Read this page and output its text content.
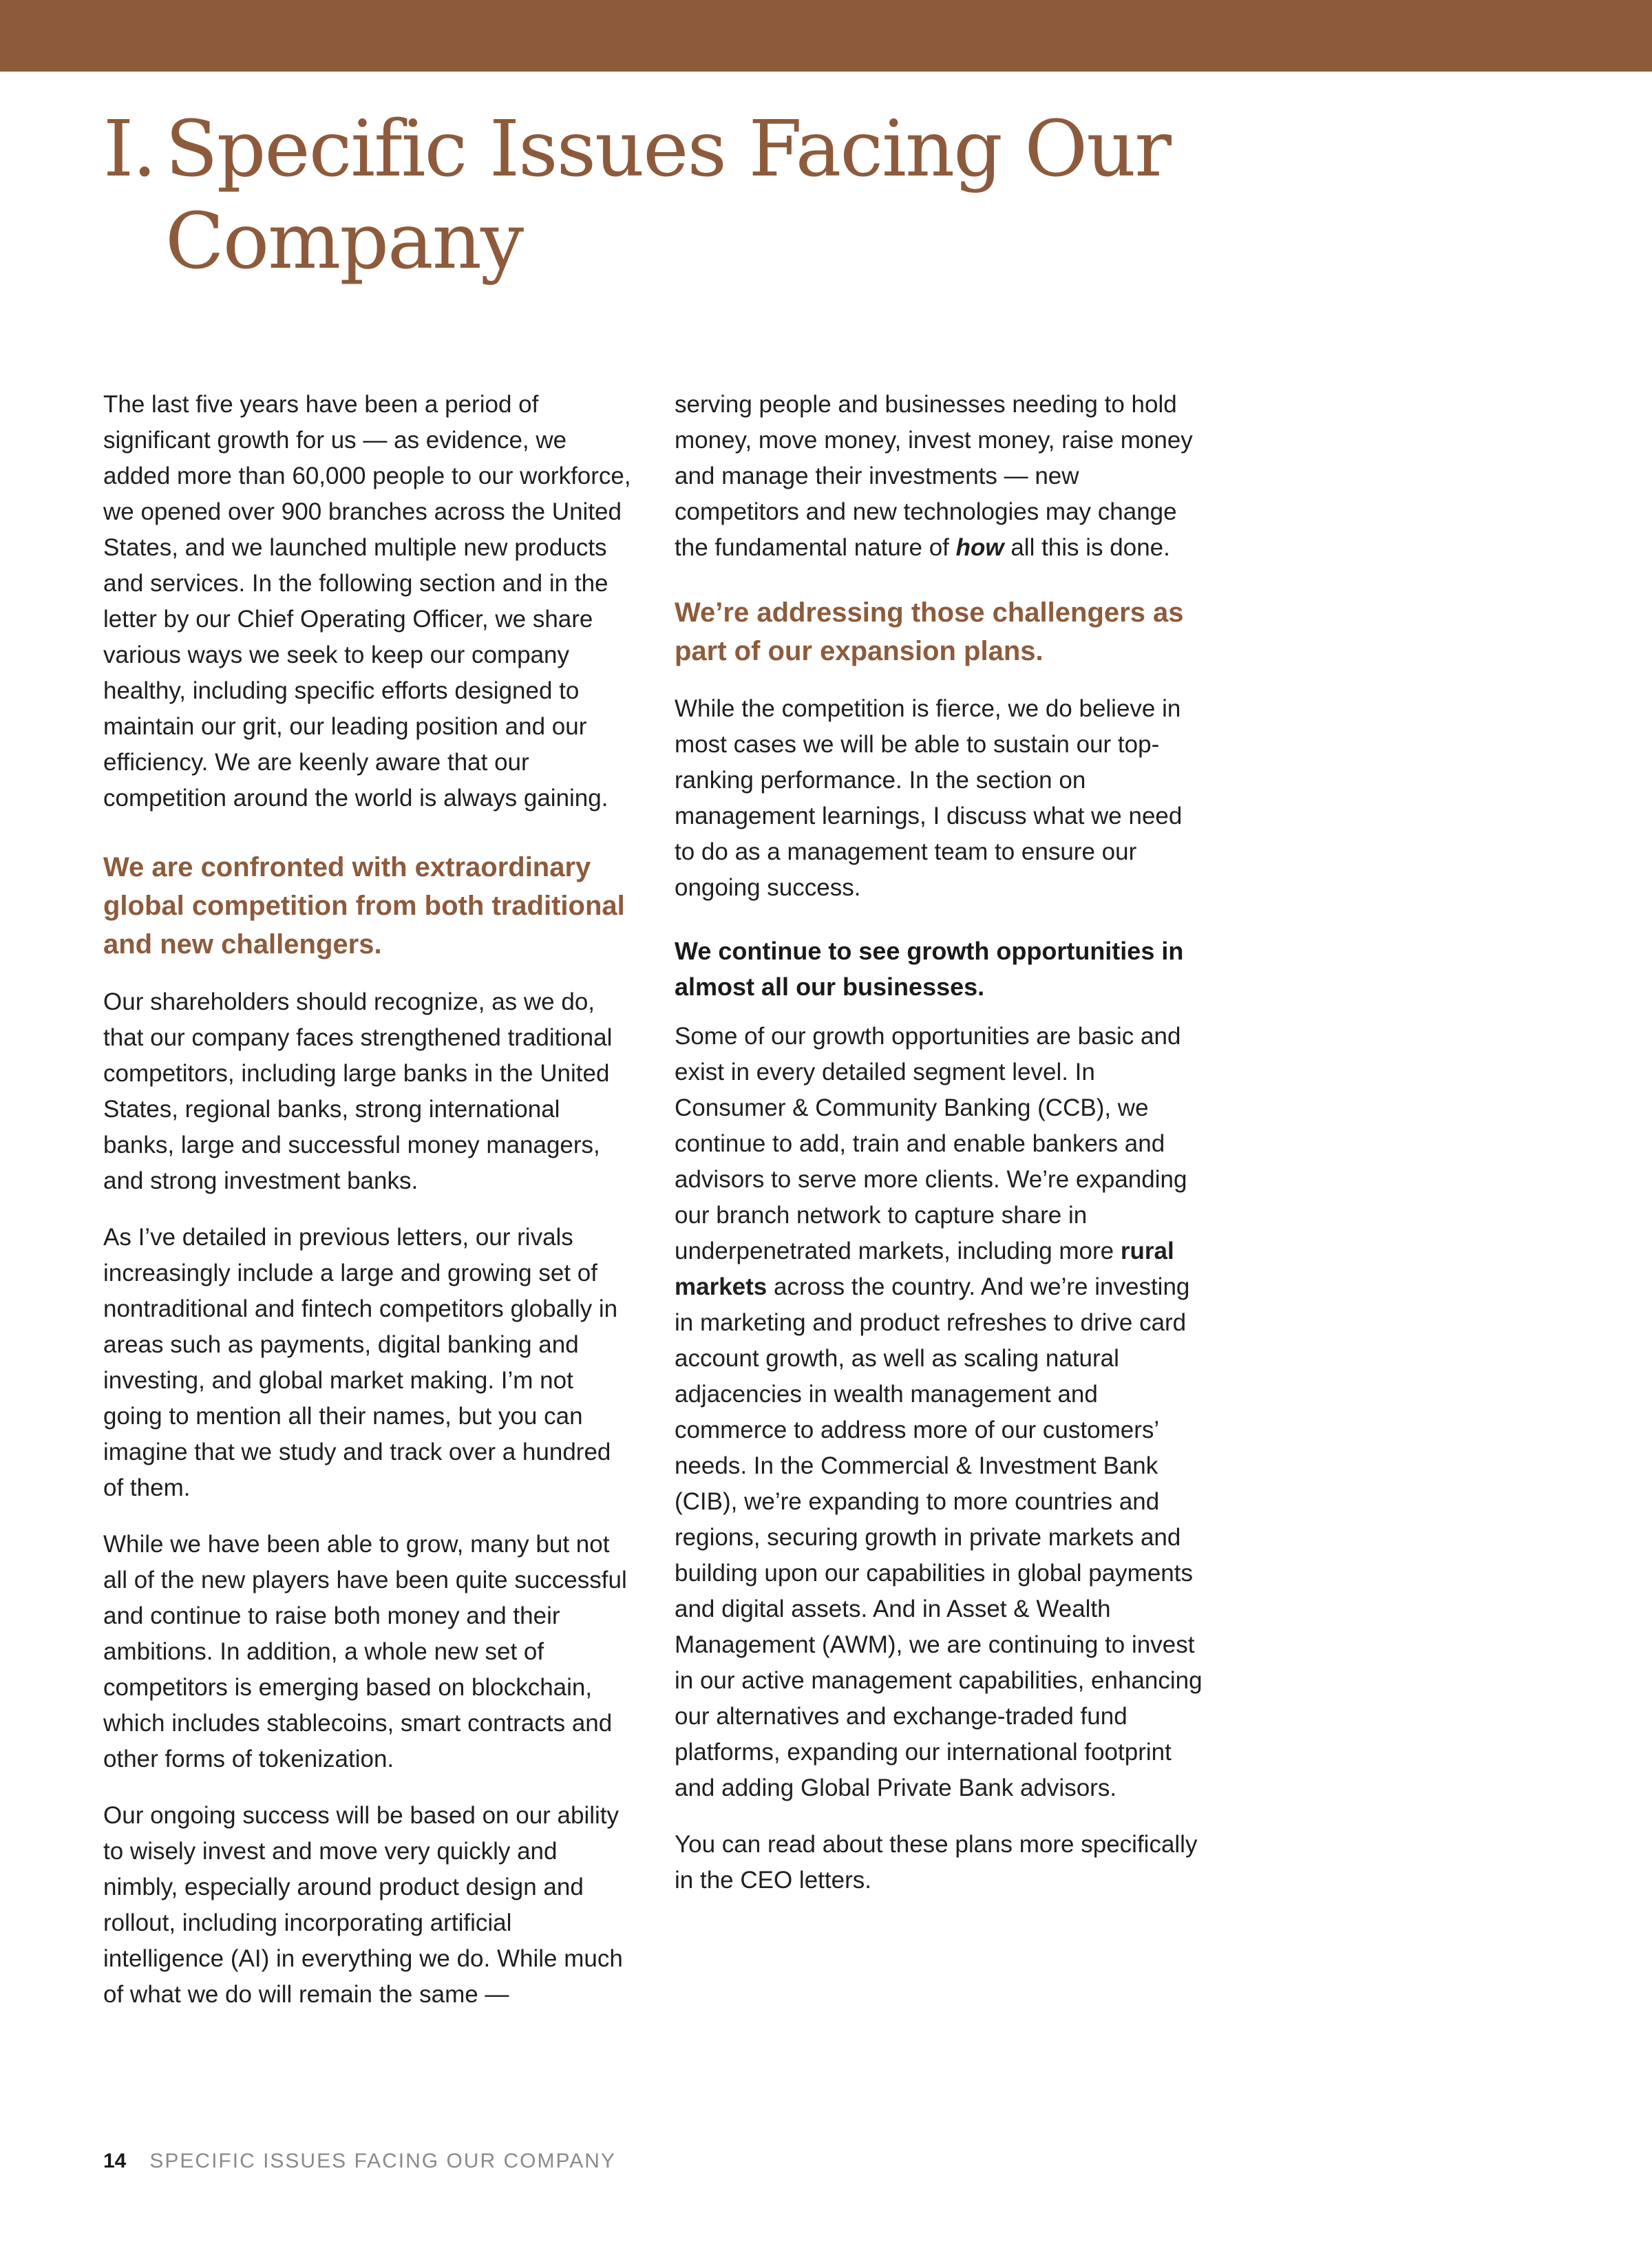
I. Specific Issues Facing Our
Company

The last five years have been a period of significant growth for us — as evidence, we added more than 60,000 people to our workforce, we opened over 900 branches across the United States, and we launched multiple new products and services. In the following section and in the letter by our Chief Operating Officer, we share various ways we seek to keep our company healthy, including specific efforts designed to maintain our grit, our leading position and our efficiency. We are keenly aware that our competition around the world is always gaining.

We are confronted with extraordinary global competition from both traditional and new challengers.

Our shareholders should recognize, as we do, that our company faces strengthened traditional competitors, including large banks in the United States, regional banks, strong international banks, large and successful money managers, and strong investment banks.

As I’ve detailed in previous letters, our rivals increasingly include a large and growing set of nontraditional and fintech competitors globally in areas such as payments, digital banking and investing, and global market making. I’m not going to mention all their names, but you can imagine that we study and track over a hundred of them.

While we have been able to grow, many but not all of the new players have been quite successful and continue to raise both money and their ambitions. In addition, a whole new set of competitors is emerging based on blockchain, which includes stablecoins, smart contracts and other forms of tokenization.

Our ongoing success will be based on our ability to wisely invest and move very quickly and nimbly, especially around product design and rollout, including incorporating artificial intelligence (AI) in everything we do. While much of what we do will remain the same —

serving people and businesses needing to hold money, move money, invest money, raise money and manage their investments — new competitors and new technologies may change the fundamental nature of how all this is done.

We’re addressing those challengers as part of our expansion plans.

While the competition is fierce, we do believe in most cases we will be able to sustain our top-ranking performance. In the section on management learnings, I discuss what we need to do as a management team to ensure our ongoing success.

We continue to see growth opportunities in almost all our businesses.

Some of our growth opportunities are basic and exist in every detailed segment level. In Consumer & Community Banking (CCB), we continue to add, train and enable bankers and advisors to serve more clients. We’re expanding our branch network to capture share in underpenetrated markets, including more rural markets across the country. And we’re investing in marketing and product refreshes to drive card account growth, as well as scaling natural adjacencies in wealth management and commerce to address more of our customers’ needs. In the Commercial & Investment Bank (CIB), we’re expanding to more countries and regions, securing growth in private markets and building upon our capabilities in global payments and digital assets. And in Asset & Wealth Management (AWM), we are continuing to invest in our active management capabilities, enhancing our alternatives and exchange-traded fund platforms, expanding our international footprint and adding Global Private Bank advisors.

You can read about these plans more specifically in the CEO letters.

14 SPECIFIC ISSUES FACING OUR COMPANY
